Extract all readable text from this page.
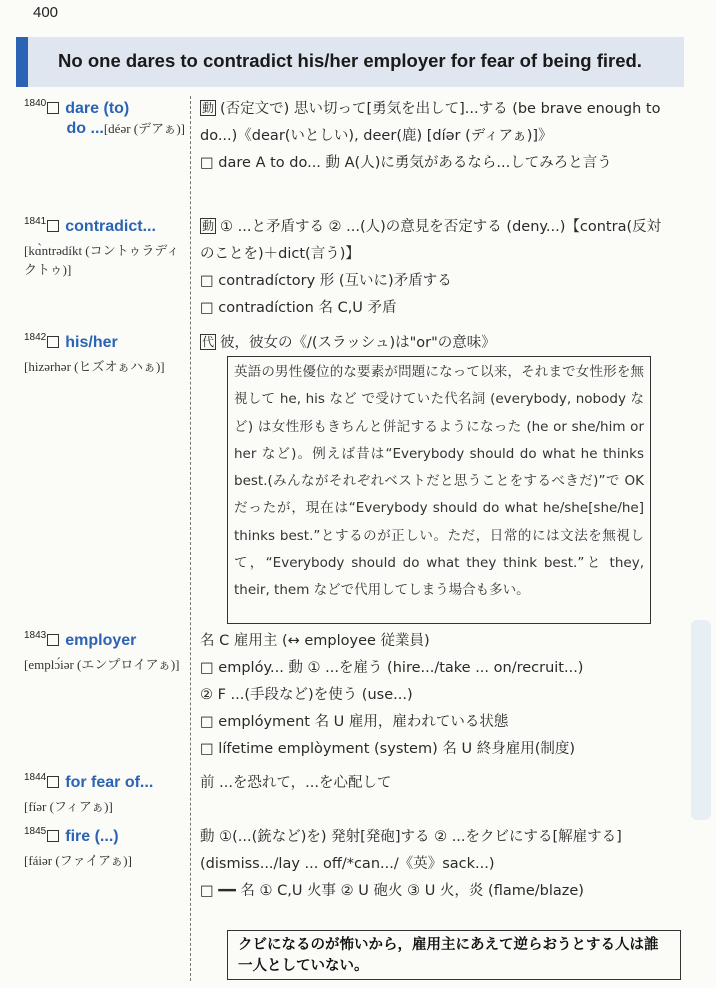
400
No one dares to contradict his/her employer for fear of being fired.
$^{1840}$ dare (to)
do ...[déər (デアぁ)]
動 (否定文で) 思い切って[勇気を出して]...する (be brave enough to do...)《dear(いとしい), deer(鹿) [díər (ディアぁ)]》
□ dare A to do... 動 A(人)に勇気があるなら...してみろと言う
$^{1841}$ contradict...
[kɑ̀ntrədíkt (コントゥラディクトゥ)]
動 ① ...と矛盾する ② ...(人)の意見を否定する (deny...)【contra(反対のことを)＋dict(言う)】
□ contradíctory 形 (互いに)矛盾する
□ contradíction 名 C,U 矛盾
$^{1842}$ his/her
[hizərhər (ヒズオぁハぁ)]
代 彼，彼女の《/(スラッシュ)は"or"の意味》
英語の男性優位的な要素が問題になって以来，それまで女性形を無視して he, his など で受けていた代名詞 (everybody, nobody など) は女性形もきちんと併記するようになった (he or she/him or her など)。例えば昔は“Everybody should do what he thinks best.(みんながそれぞれベストだと思うことをするべきだ)”で OK だったが，現在は“Everybody should do what he/she[she/he] thinks best.”とするのが正しい。ただ，日常的には文法を無視して，“Everybody should do what they think best.”と they, their, them などで代用してしまう場合も多い。
$^{1843}$ employer
[emplɔ́iər (エンプロイアぁ)]
名 C 雇用主 (↔ employee 従業員)
□ emplóy... 動 ① ...を雇う (hire.../take ... on/recruit...)
② F ...(手段など)を使う (use...)
□ emplóyment 名 U 雇用，雇われている状態
□ lífetime emplòyment (system) 名 U 終身雇用(制度)
$^{1844}$ for fear of...
[fíər (フィアぁ)]
前 ...を恐れて，...を心配して
$^{1845}$ fire (...)
[fáiər (ファイアぁ)]
動 ①(...(銃など)を) 発射[発砲]する ② ...をクビにする[解雇する] (dismiss.../lay ... off/*can.../《英》sack...)
□ ━━ 名 ① C,U 火事 ② U 砲火 ③ U 火，炎 (flame/blaze)
クビになるのが怖いから，雇用主にあえて逆らおうとする人は誰一人としていない。
